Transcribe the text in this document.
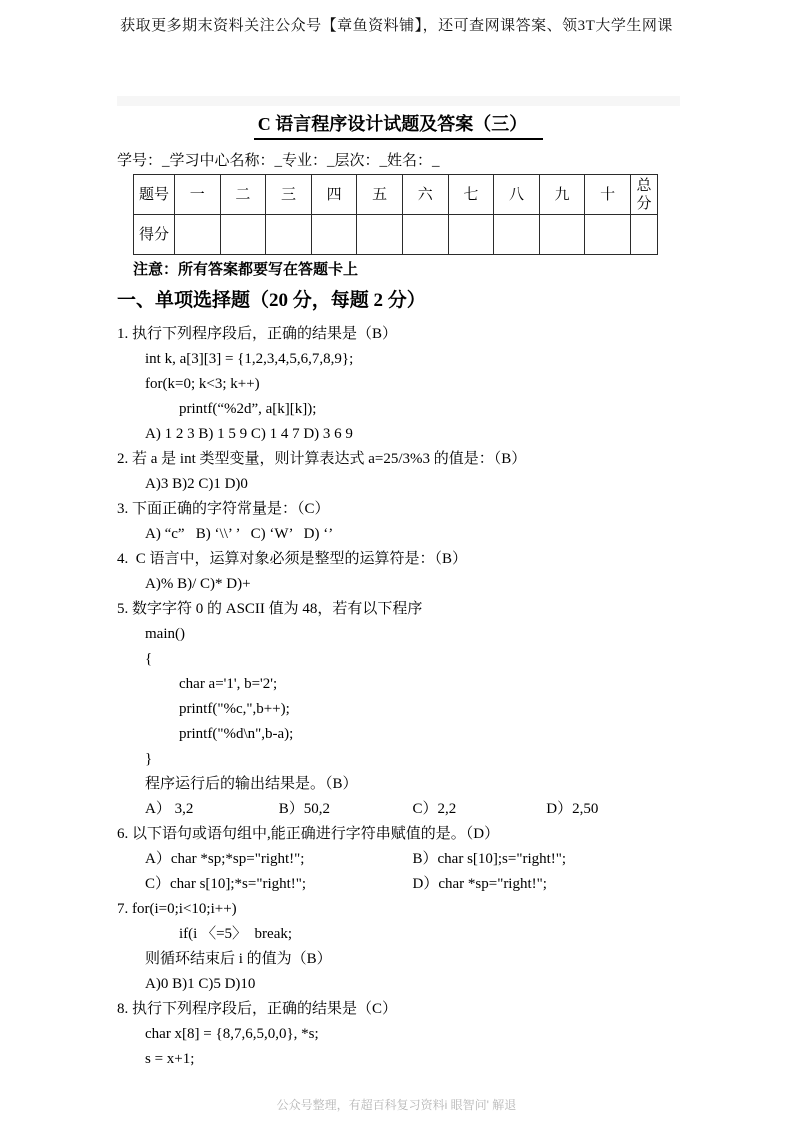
获取更多期末资料关注公众号【章鱼资料铺】，还可查网课答案、领3T大学生网课
C 语言程序设计试题及答案（三）
学号：_学习中心名称：_专业：_层次：_姓名：_
题号	一	二	三	四	五	六	七	八	九	十	总分
得分											
注意：所有答案都要写在答题卡上
一、单项选择题（20 分，每题 2 分）
1. 执行下列程序段后，正确的结果是（B）
int k, a[3][3] = {1,2,3,4,5,6,7,8,9};
for(k=0; k<3; k++)
printf(“%2d”, a[k][k]);
A) 1 2 3 B) 1 5 9 C) 1 4 7 D) 3 6 9
2. 若 a 是 int 类型变量，则计算表达式 a=25/3%3 的值是：（B）
A)3 B)2 C)1 D)0
3. 下面正确的字符常量是：（C）
A) “c”   B) ‘\\’ ’   C) ‘W’   D) ‘’
4.  C 语言中，运算对象必须是整型的运算符是：（B）
A)% B)/ C)* D)+
5. 数字字符 0 的 ASCII 值为 48，若有以下程序
main()
{
char a='1', b='2';
printf("%c,",b++);
printf("%d\n",b-a);
}
程序运行后的输出结果是。（B）
A） 3,2	B）50,2	C）2,2	D）2,50
6. 以下语句或语句组中,能正确进行字符串赋值的是。（D）
A）char *sp;*sp="right!";	B）char s[10];s="right!";
C）char s[10];*s="right!";	D）char *sp="right!";
7. for(i=0;i<10;i++)
if(i 〈=5〉  break;
则循环结束后 i 的值为（B）
A)0 B)1 C)5 D)10
8. 执行下列程序段后，正确的结果是（C）
char x[8] = {8,7,6,5,0,0}, *s;
s = x+1;
公众号整理，有超百科复习资料i 眼智问' 解退
